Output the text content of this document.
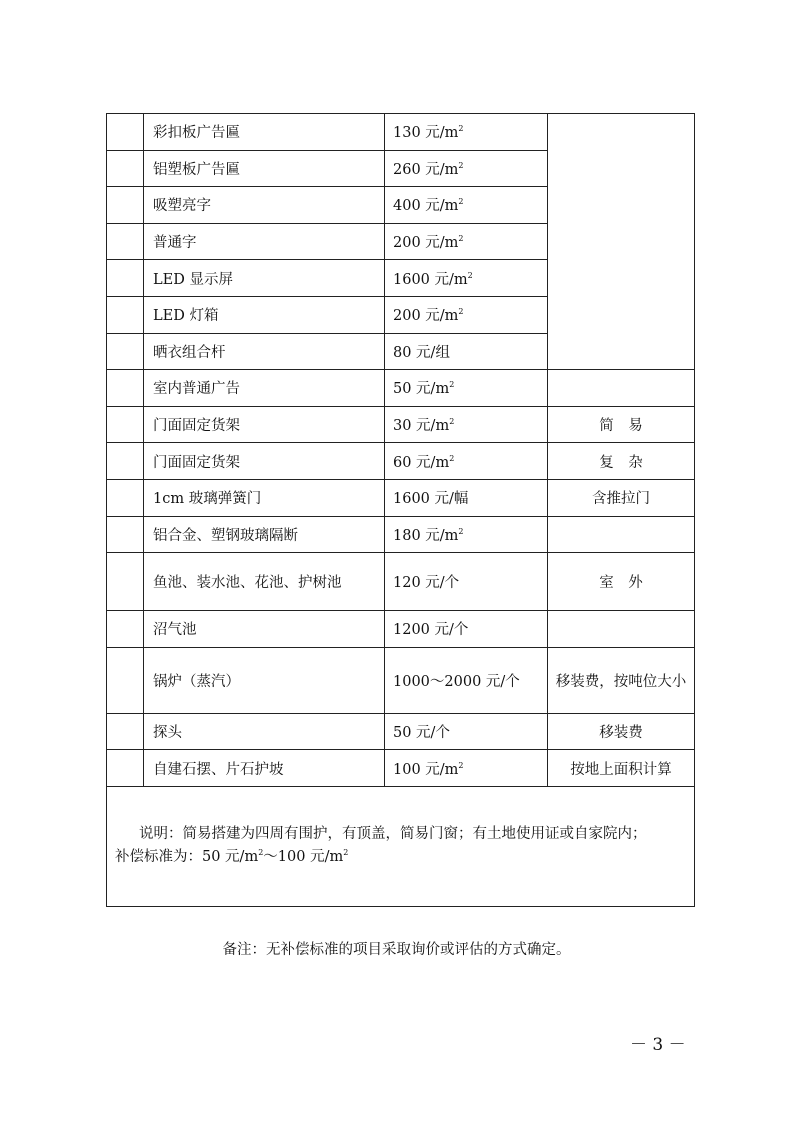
	彩扣板广告匾	130 元$/m^2$	
	铝塑板广告匾	260 元$/m^2$
	吸塑亮字	400 元$/m^2$
	普通字	200 元$/m^2$
	LED 显示屏	1600 元$/m^2$
	LED 灯箱	200 元$/m^2$
	晒衣组合杆	80 元/组	
	室内普通广告	50 元$/m^2$	
	门面固定货架	30 元$/m^2$	简　易
	门面固定货架	60 元$/m^2$	复　杂
	1cm 玻璃弹簧门	1600 元/幅	含推拉门
	铝合金、塑钢玻璃隔断	180 元$/m^2$	
	鱼池、装水池、花池、护树池	120 元/个	室　外
	沼气池	1200 元/个	
	锅炉（蒸汽）	1000～2000 元/个	移装费，按吨位大小
	探头	50 元/个	移装费
	自建石摆、片石护坡	100 元$/m^2$	按地上面积计算

说明：简易搭建为四周有围护，有顶盖，简易门窗；有土地使用证或自家院内；
补偿标准为：50 元$/m^2\sim 100$ 元$/m^2$
备注：无补偿标准的项目采取询价或评估的方式确定。
－ 3 －
